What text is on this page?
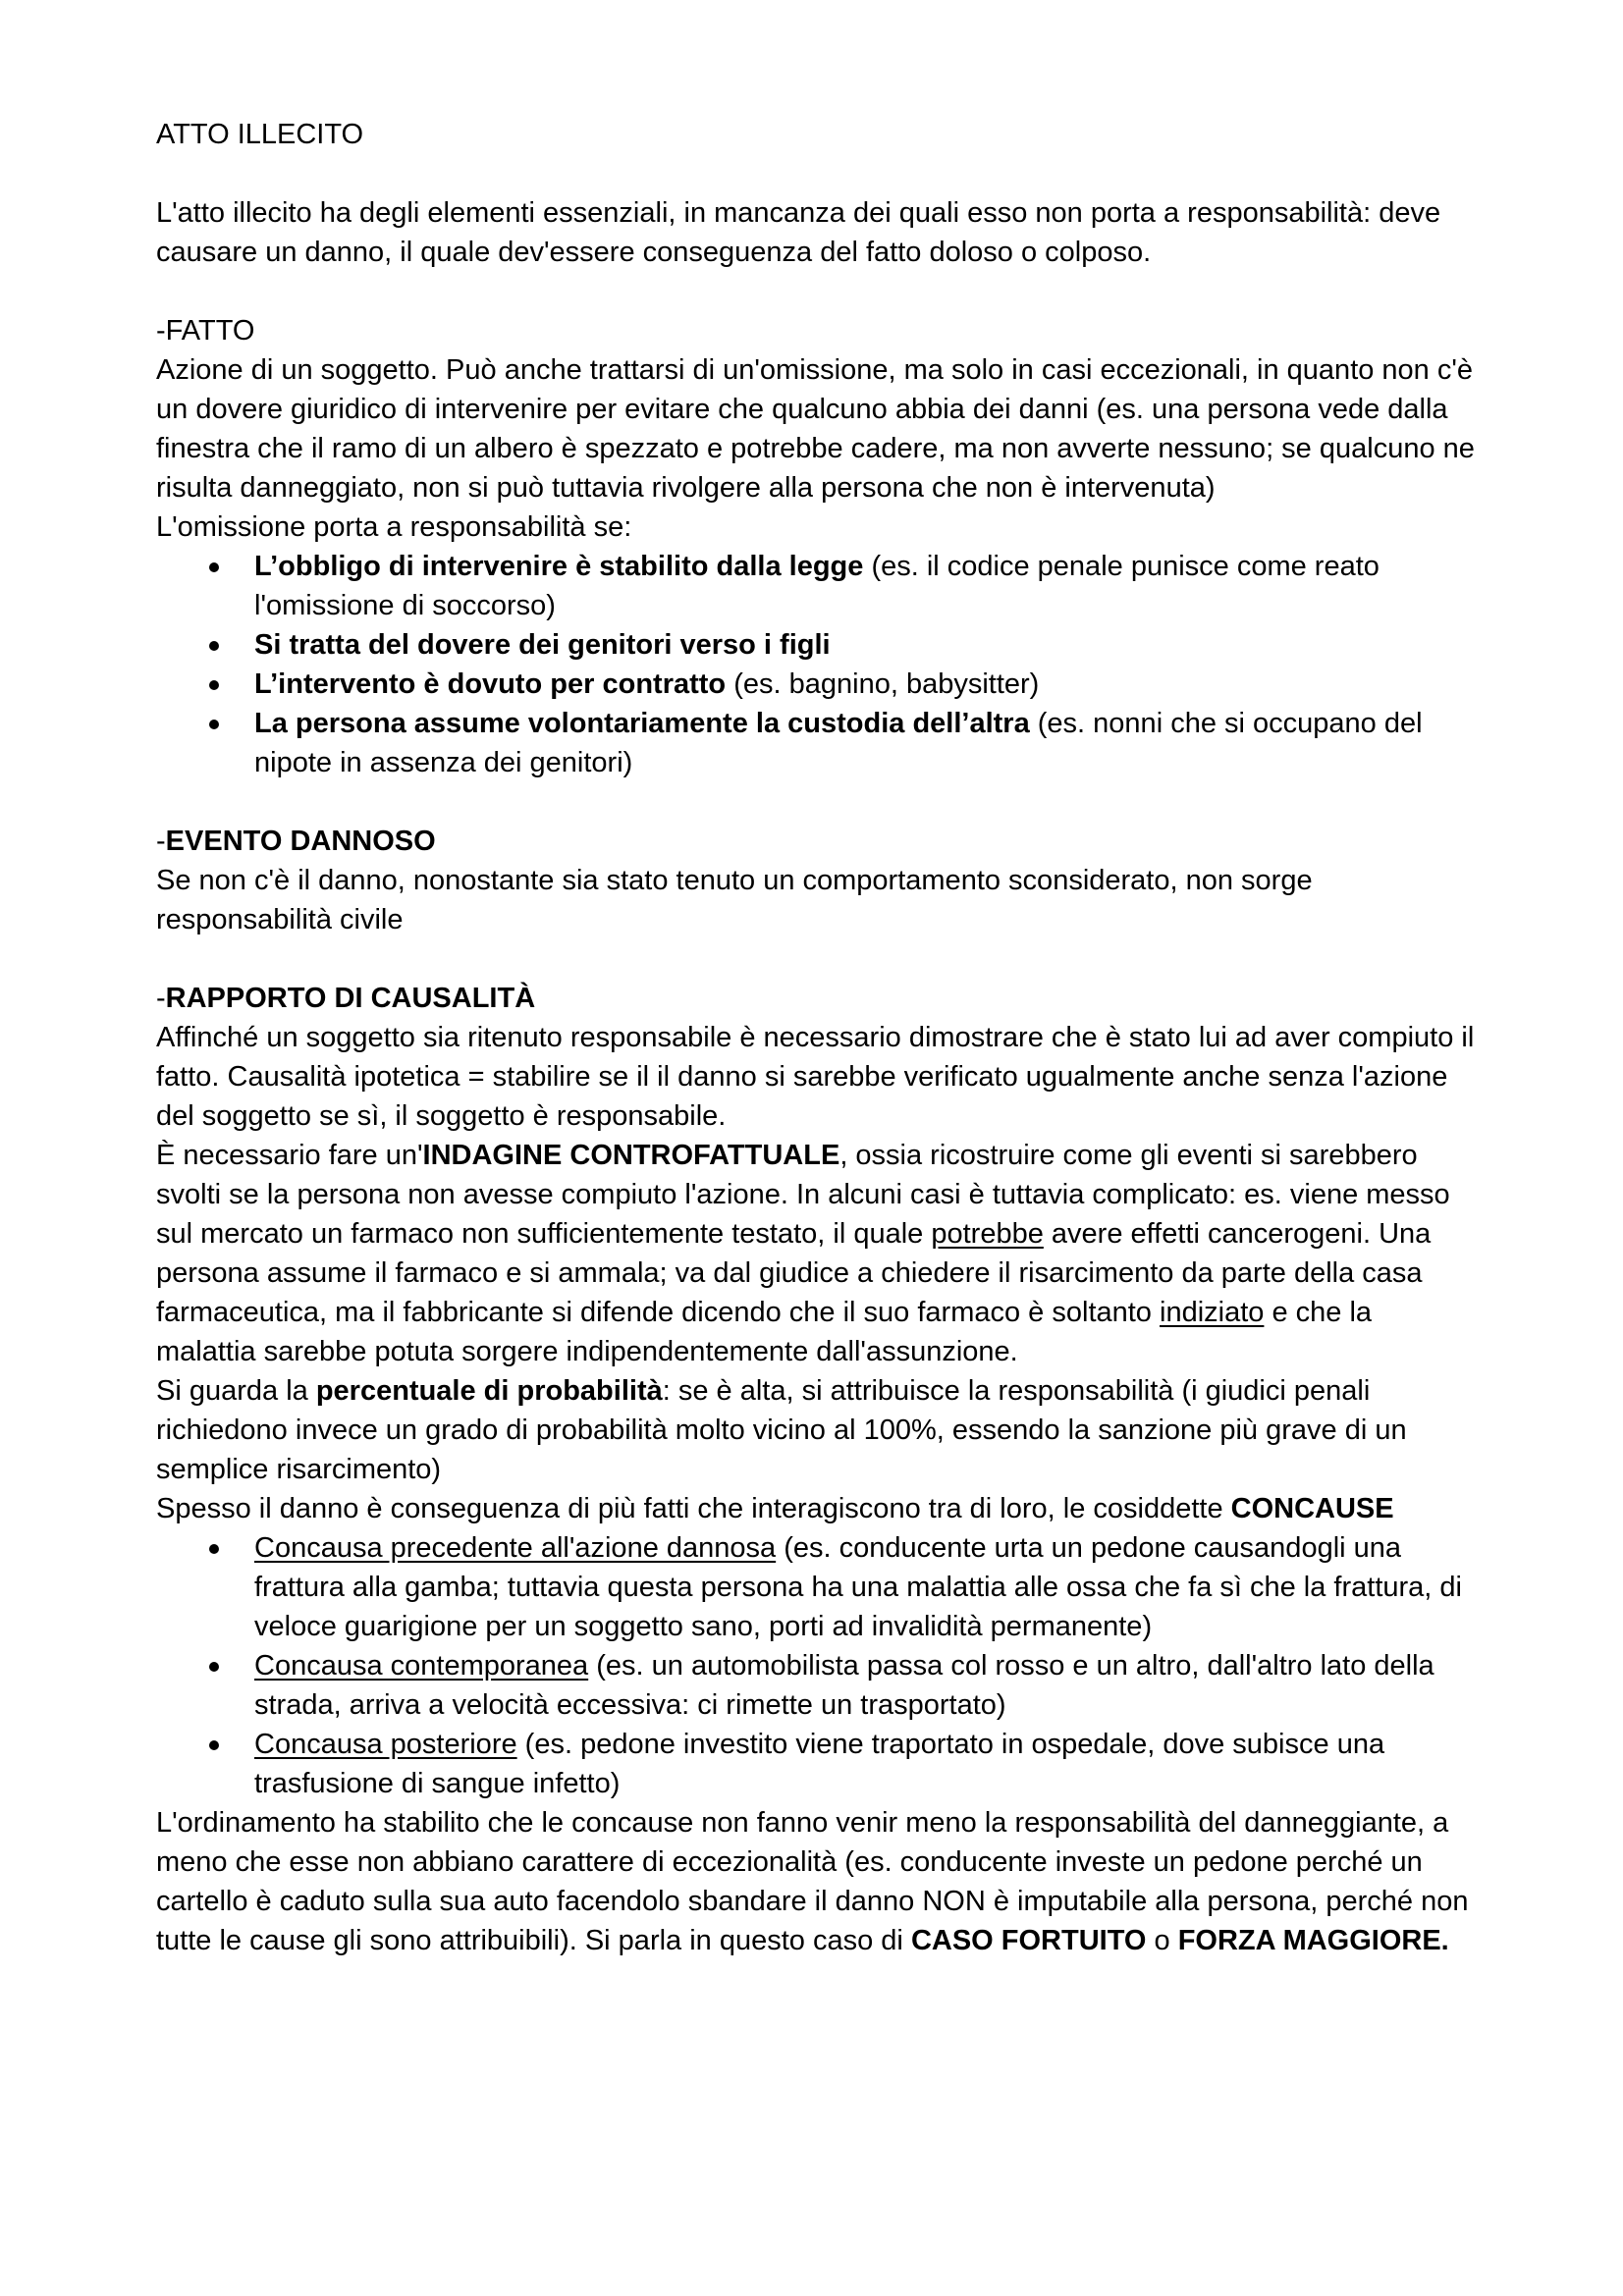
ATTO ILLECITO

L'atto illecito ha degli elementi essenziali, in mancanza dei quali esso non porta a responsabilità: deve causare un danno, il quale dev'essere conseguenza del fatto doloso o colposo.

-FATTO

Azione di un soggetto. Può anche trattarsi di un'omissione, ma solo in casi eccezionali, in quanto non c'è un dovere giuridico di intervenire per evitare che qualcuno abbia dei danni (es. una persona vede dalla finestra che il ramo di un albero è spezzato e potrebbe cadere, ma non avverte nessuno; se qualcuno ne risulta danneggiato, non si può tuttavia rivolgere alla persona che non è intervenuta)

L'omissione porta a responsabilità se:

L’obbligo di intervenire è stabilito dalla legge (es. il codice penale punisce come reato l'omissione di soccorso)
Si tratta del dovere dei genitori verso i figli
L’intervento è dovuto per contratto (es. bagnino, babysitter)
La persona assume volontariamente la custodia dell’altra (es. nonni che si occupano del nipote in assenza dei genitori)

-EVENTO DANNOSO

Se non c'è il danno, nonostante sia stato tenuto un comportamento sconsiderato, non sorge responsabilità civile

-RAPPORTO DI CAUSALITÀ

Affinché un soggetto sia ritenuto responsabile è necessario dimostrare che è stato lui ad aver compiuto il fatto. Causalità ipotetica = stabilire se il il danno si sarebbe verificato ugualmente anche senza l'azione del soggetto se sì, il soggetto è responsabile.

È necessario fare un'INDAGINE CONTROFATTUALE, ossia ricostruire come gli eventi si sarebbero svolti se la persona non avesse compiuto l'azione. In alcuni casi è tuttavia complicato: es. viene messo sul mercato un farmaco non sufficientemente testato, il quale potrebbe avere effetti cancerogeni. Una persona assume il farmaco e si ammala; va dal giudice a chiedere il risarcimento da parte della casa farmaceutica, ma il fabbricante si difende dicendo che il suo farmaco è soltanto indiziato e che la malattia sarebbe potuta sorgere indipendentemente dall'assunzione.

Si guarda la percentuale di probabilità: se è alta, si attribuisce la responsabilità (i giudici penali richiedono invece un grado di probabilità molto vicino al 100%, essendo la sanzione più grave di un semplice risarcimento)

Spesso il danno è conseguenza di più fatti che interagiscono tra di loro, le cosiddette CONCAUSE

Concausa precedente all'azione dannosa (es. conducente urta un pedone causandogli una frattura alla gamba; tuttavia questa persona ha una malattia alle ossa che fa sì che la frattura, di veloce guarigione per un soggetto sano, porti ad invalidità permanente)
Concausa contemporanea (es. un automobilista passa col rosso e un altro, dall'altro lato della strada, arriva a velocità eccessiva: ci rimette un trasportato)
Concausa posteriore (es. pedone investito viene traportato in ospedale, dove subisce una trasfusione di sangue infetto)

L'ordinamento ha stabilito che le concause non fanno venir meno la responsabilità del danneggiante, a meno che esse non abbiano carattere di eccezionalità (es. conducente investe un pedone perché un cartello è caduto sulla sua auto facendolo sbandare il danno NON è imputabile alla persona, perché non tutte le cause gli sono attribuibili). Si parla in questo caso di CASO FORTUITO o FORZA MAGGIORE.
